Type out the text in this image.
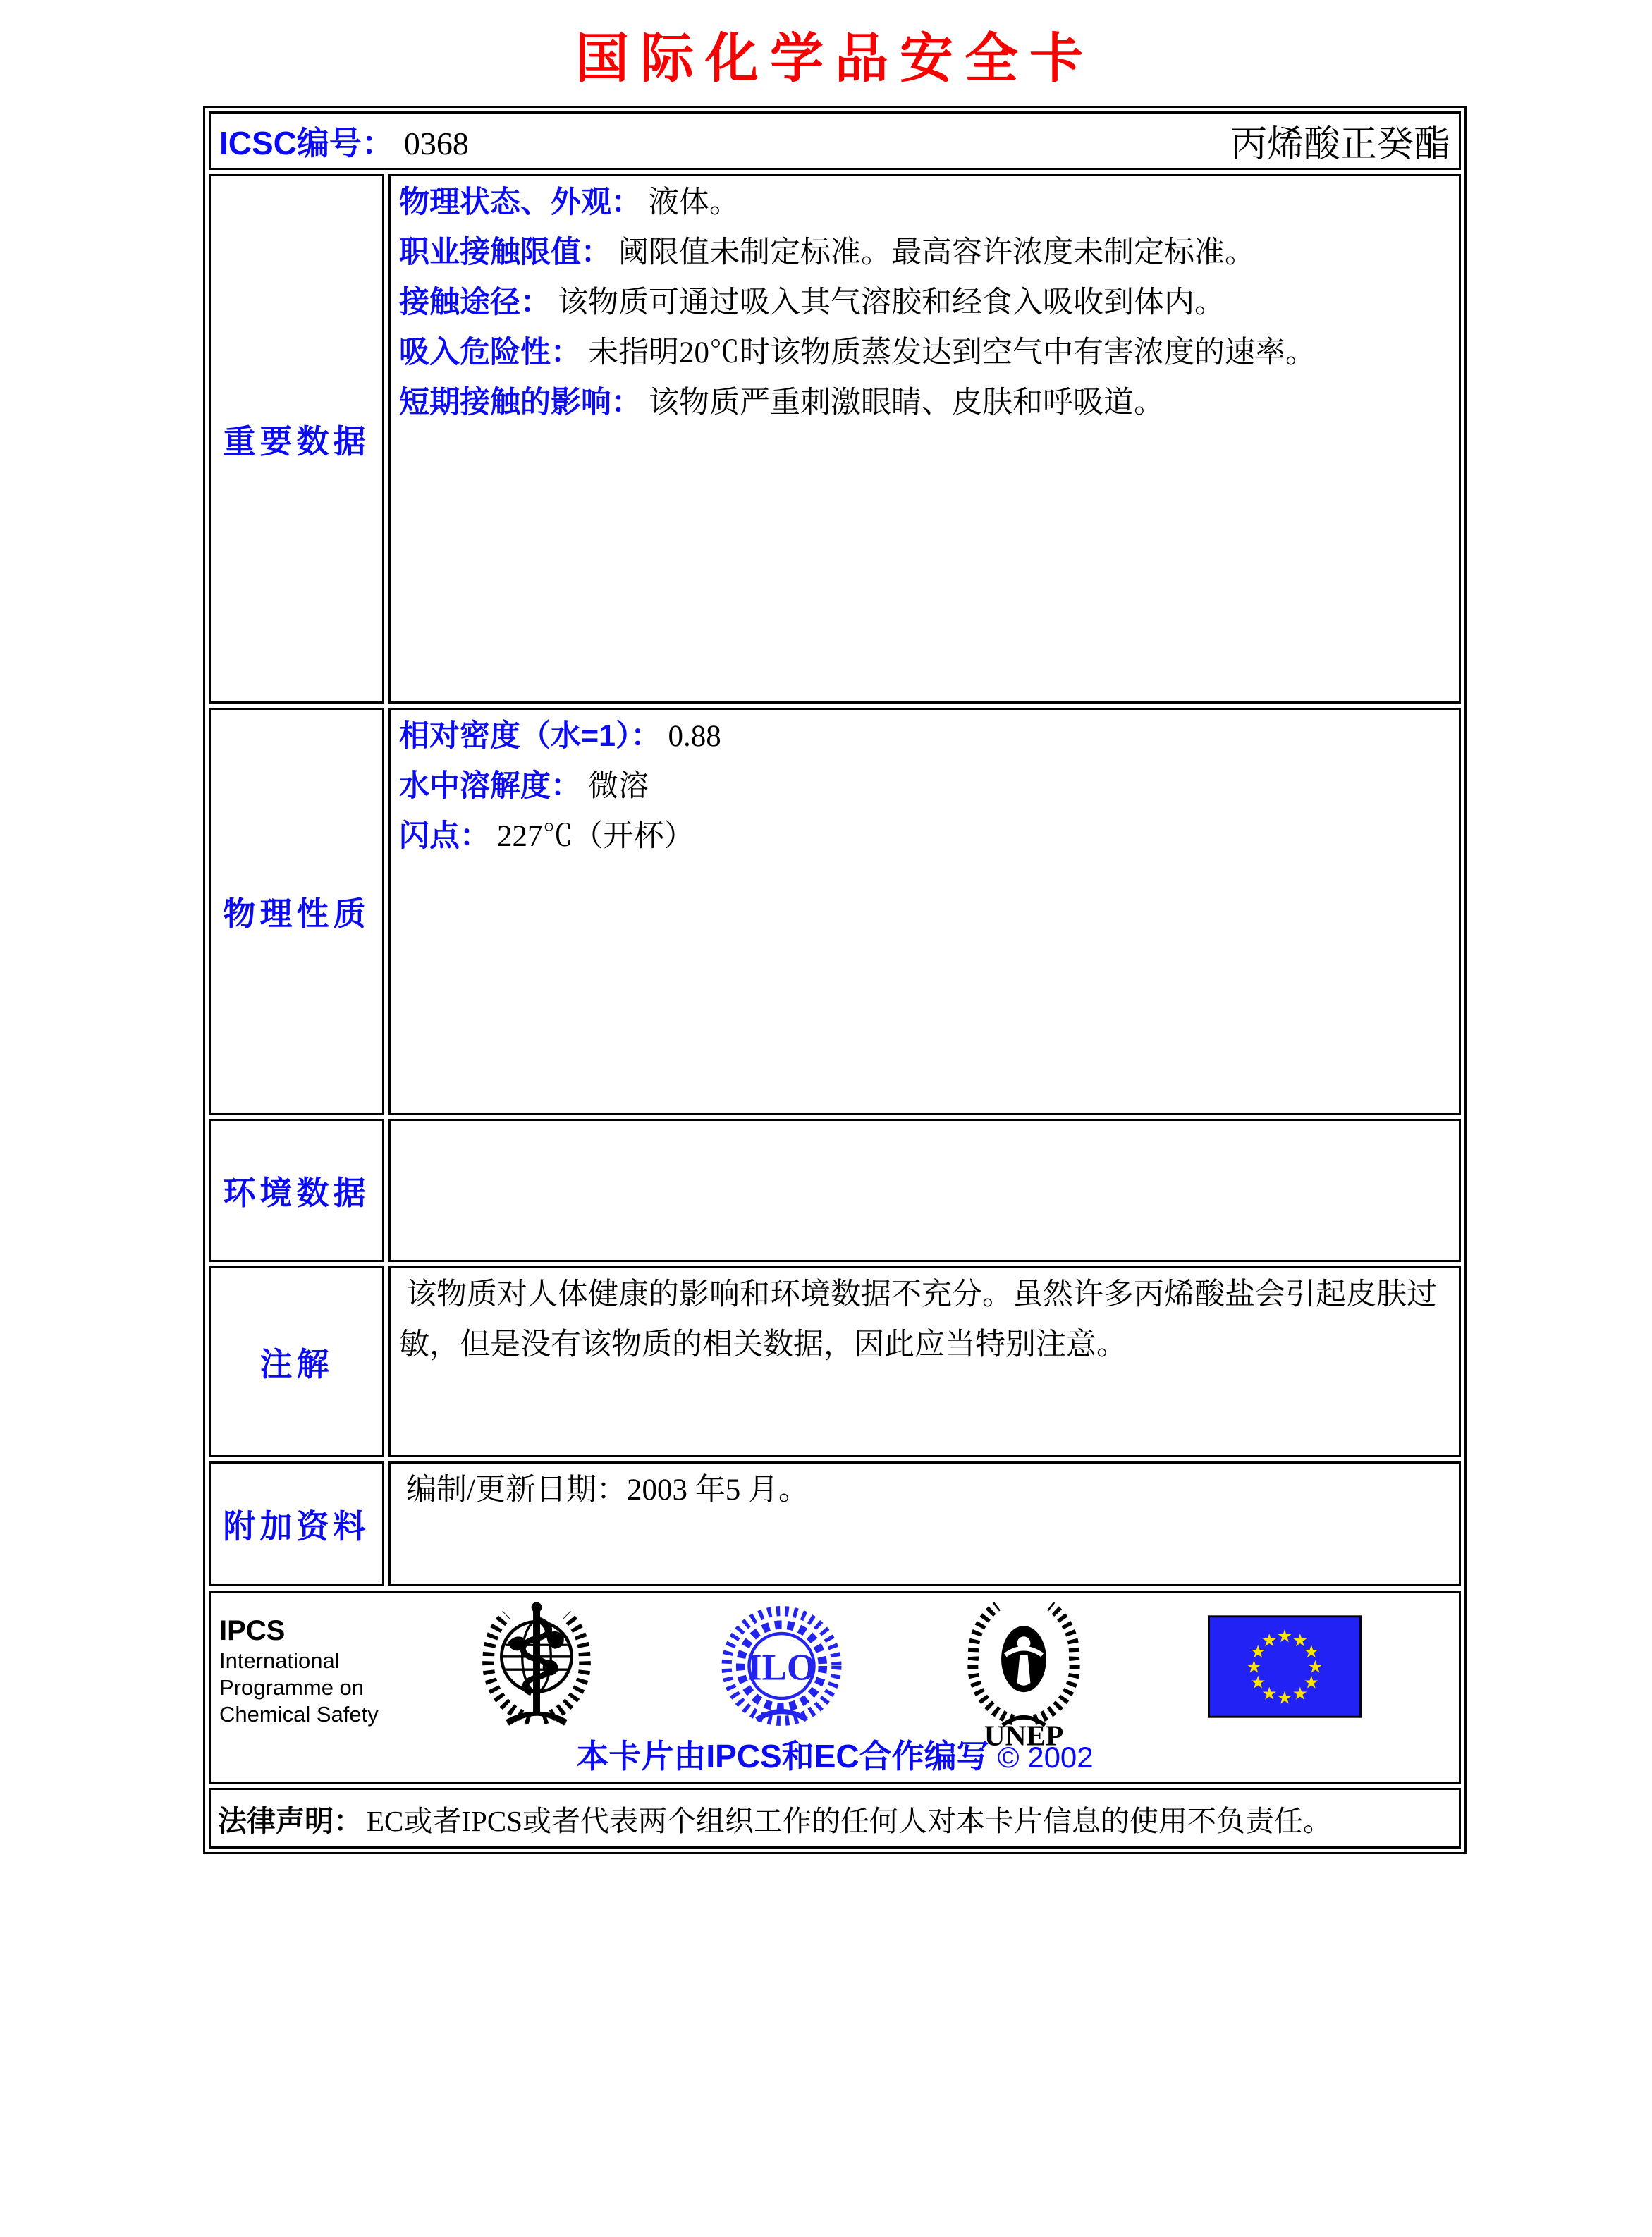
国际化学品安全卡
ICSC编号： 0368	丙烯酸正癸酯
重要数据
物理状态、外观： 液体。
职业接触限值： 阈限值未制定标准。最高容许浓度未制定标准。
接触途径： 该物质可通过吸入其气溶胶和经食入吸收到体内。
吸入危险性： 未指明20℃时该物质蒸发达到空气中有害浓度的速率。
短期接触的影响： 该物质严重刺激眼睛、皮肤和呼吸道。
物理性质
相对密度（水=1）： 0.88
水中溶解度： 微溶
闪点： 227℃（开杯）
环境数据
注解
该物质对人体健康的影响和环境数据不充分。虽然许多丙烯酸盐会引起皮肤过敏，但是没有该物质的相关数据，因此应当特别注意。
附加资料
编制/更新日期：2003 年5 月。
IPCS
International
Programme on
Chemical Safety
ILO
UNEP
★ ★
★
★
★
★
★
★
★
★
★
★
本卡片由IPCS和EC合作编写 © 2002
法律声明： EC或者IPCS或者代表两个组织工作的任何人对本卡片信息的使用不负责任。
